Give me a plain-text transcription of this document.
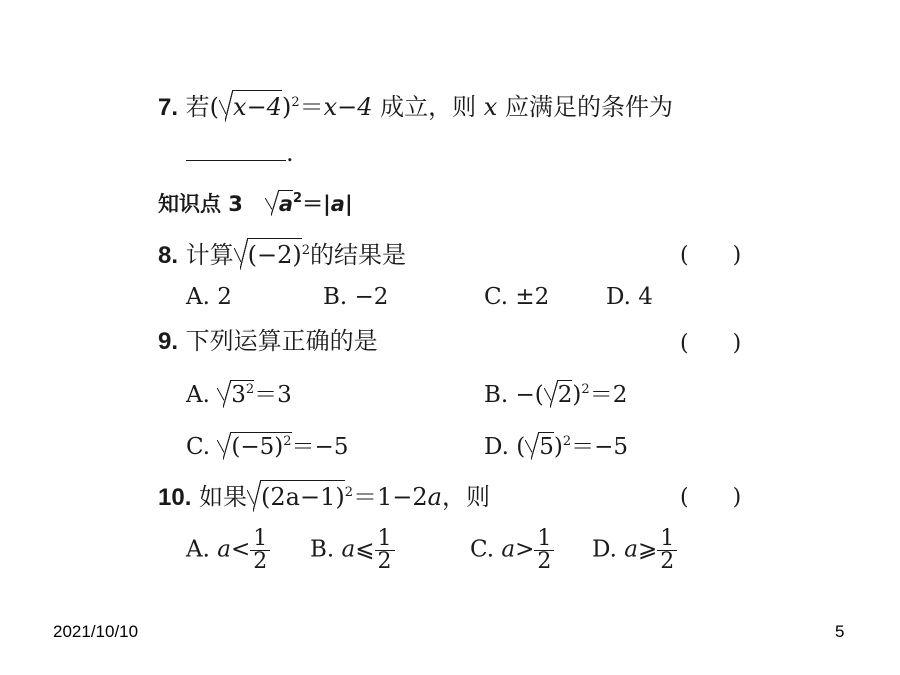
7. 若( x−4)$^2$＝x−4 成立，则 x 应满足的条件为
.
知识点 3 $a^2=|a|$
8. 计算 $(-2)^2$的结果是	(　　)
A. 2	B. −2	C. ±2 D. 4
9. 下列运算正确的是	(　　)
A. $3^2=3$	B. −( 2)$^2$＝2
C. $(-5)^2=-5$	D. ( 5)$^2$＝−5
10. 如果 $(2a-1)^2=1-2a$，则	(　　)
A. $a< \frac{1}{2} B$. a⩽ $\frac{1}{2}$	C. $a> \frac{1}{2} D$. a⩾ $\frac{1}{2}$
2021/10/10	5
